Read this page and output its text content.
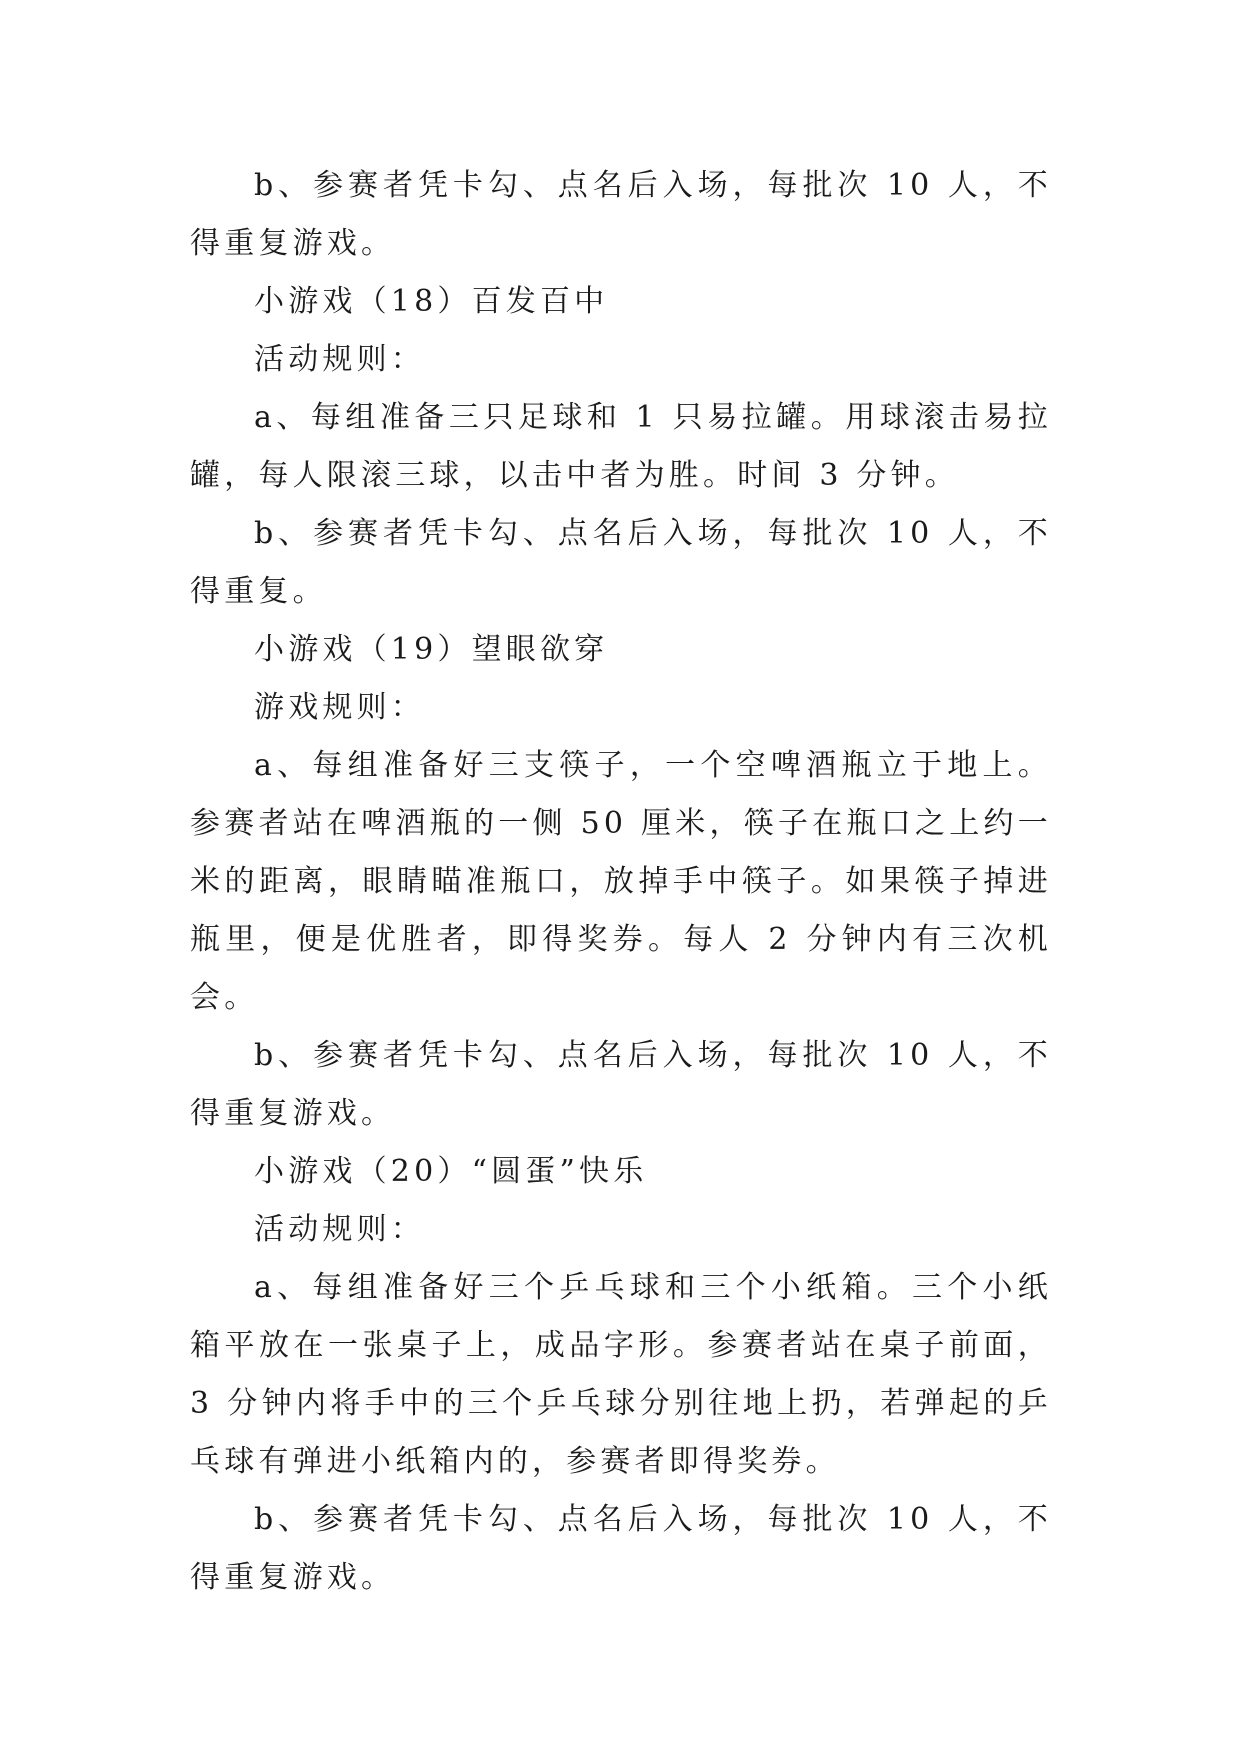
b、参赛者凭卡勾、点名后入场，每批次 10 人，不得重复游戏。

小游戏（18）百发百中

活动规则：

a、每组准备三只足球和 1 只易拉罐。用球滚击易拉罐，每人限滚三球，以击中者为胜。时间 3 分钟。

b、参赛者凭卡勾、点名后入场，每批次 10 人，不得重复。

小游戏（19）望眼欲穿

游戏规则：

a、每组准备好三支筷子，一个空啤酒瓶立于地上。参赛者站在啤酒瓶的一侧 50 厘米，筷子在瓶口之上约一米的距离，眼睛瞄准瓶口，放掉手中筷子。如果筷子掉进瓶里，便是优胜者，即得奖券。每人 2 分钟内有三次机会。

b、参赛者凭卡勾、点名后入场，每批次 10 人，不得重复游戏。

小游戏（20）“圆蛋”快乐

活动规则：

a、每组准备好三个乒乓球和三个小纸箱。三个小纸箱平放在一张桌子上，成品字形。参赛者站在桌子前面，3 分钟内将手中的三个乒乓球分别往地上扔，若弹起的乒乓球有弹进小纸箱内的，参赛者即得奖券。

b、参赛者凭卡勾、点名后入场，每批次 10 人，不得重复游戏。
